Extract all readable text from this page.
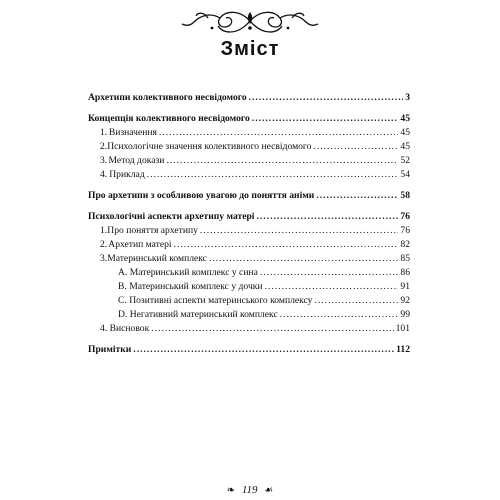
Зміст
Архетипи колективного несвідомого .....	3
Концепція колективного несвідомого .....	45
1. Визначення .....	45
2. Психологічне значення колективного несвідомого .....	45
3. Метод докази .....	52
4. Приклад .....	54
Про архетипи з особливою увагою до поняття аніми .....	58
Психологічні аспекти архетипу матері .....	76
1. Про поняття архетипу .....	76
2. Архетип матері .....	82
3. Материнський комплекс .....	85
A. Материнський комплекс у сина .....	86
B. Материнський комплекс у дочки .....	91
C. Позитивні аспекти материнського комплексу .....	92
D. Негативний материнський комплекс .....	99
4. Висновок .....	101
Примітки .....	112
❧ 119 ☙
